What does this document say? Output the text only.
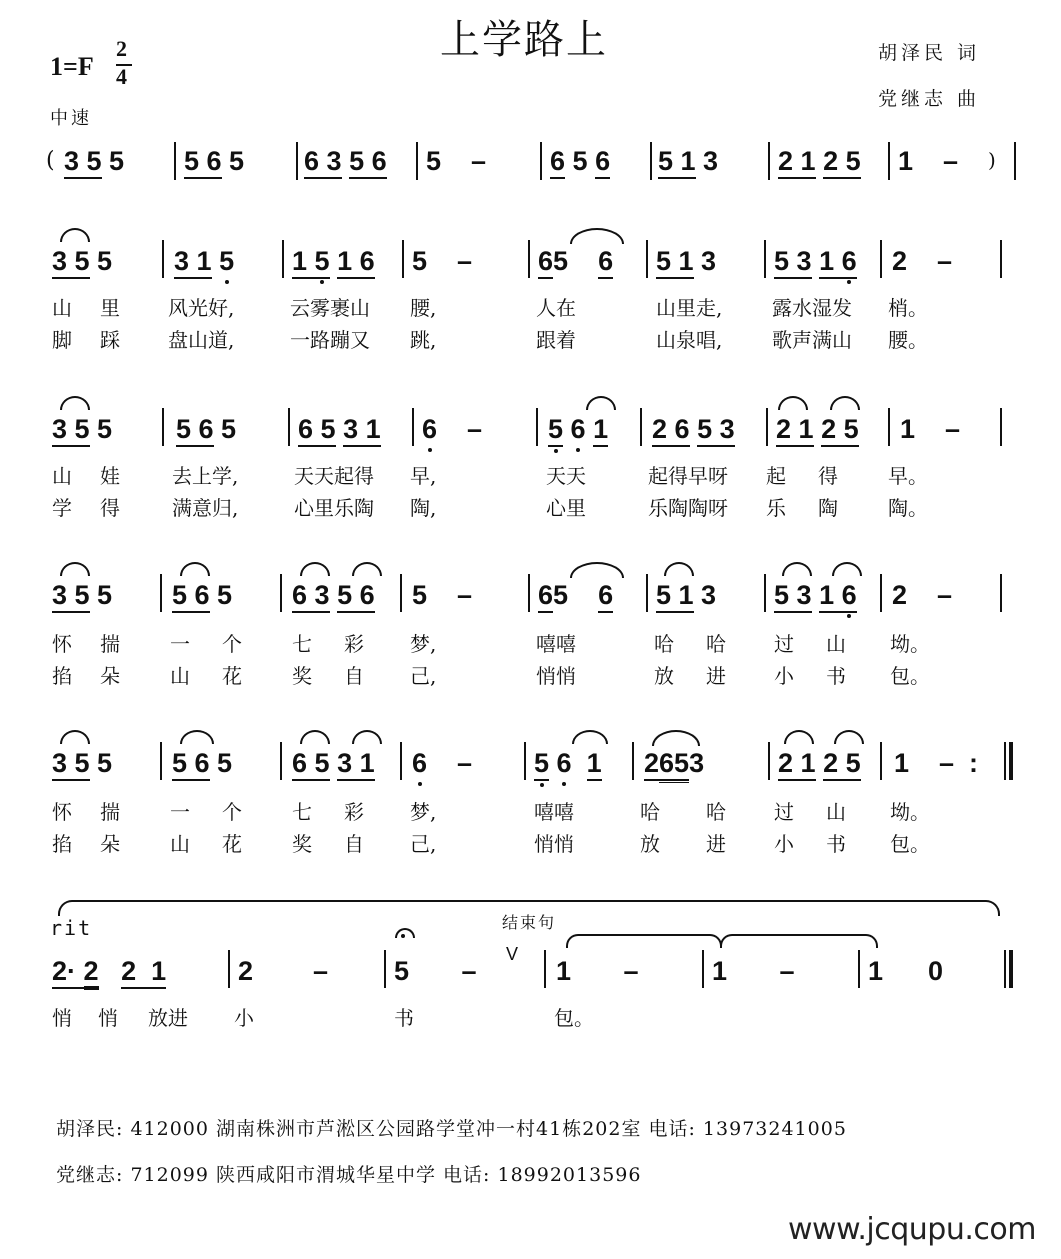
上学路上	胡泽民 词
党继志 曲
1=F
2
4
中速
( 3 5 5 5 6 5 6 3 5 6 5    – 6 5 6 5 1 3 2 1 2 5 1    – )
3 5 5 3 1 5 1 5 1 6 5    – 65    6 5 1 3 5 3 1 6 2    –
山 里 风光好,	云雾裹山 腰,	人在	山里走, 露水湿发 梢。
脚 踩 盘山道,	一路蹦又 跳,	跟着	山泉唱, 歌声满山 腰。
3 5 5 5 6 5 6 5 3 1 6    – 5 6 1 2 6 5 3 2 1 2 5 1    –
山 娃	去上学,	天天起得 早,	天天	起得早呀 起 得	早。
学 得	满意归,	心里乐陶 陶,	心里	乐陶陶呀 乐 陶	陶。
3 5 5 5 6 5 6 3 5 6 5    – 65    6 5 1 3 5 3 1 6 2    –
怀 揣	一 个	七 彩 梦,	嘻嘻	哈 哈 过 山 坳。
掐 朵	山 花	奖 自 己,	悄悄	放 进 小 书 包。
3 5 5 5 6 5 6 5 3 1 6    – 5 6 1 2653	2 1 2 5 1    –  :
怀 揣	一 个	七 彩 梦,	嘻嘻	哈 哈 过 山 坳。
掐 朵	山 花	奖 自 己,	悄悄	放 进 小 书 包。
rit	结束句
V
2· 2 2  1	2        – 5       –	1       –	1       –	1      0
悄 悄 放进 小	书	包。
胡泽民: 412000 湖南株洲市芦淞区公园路学堂冲一村41栋202室 电话: 13973241005
党继志: 712099 陕西咸阳市渭城华星中学 电话: 18992013596
www.jcqupu.com
